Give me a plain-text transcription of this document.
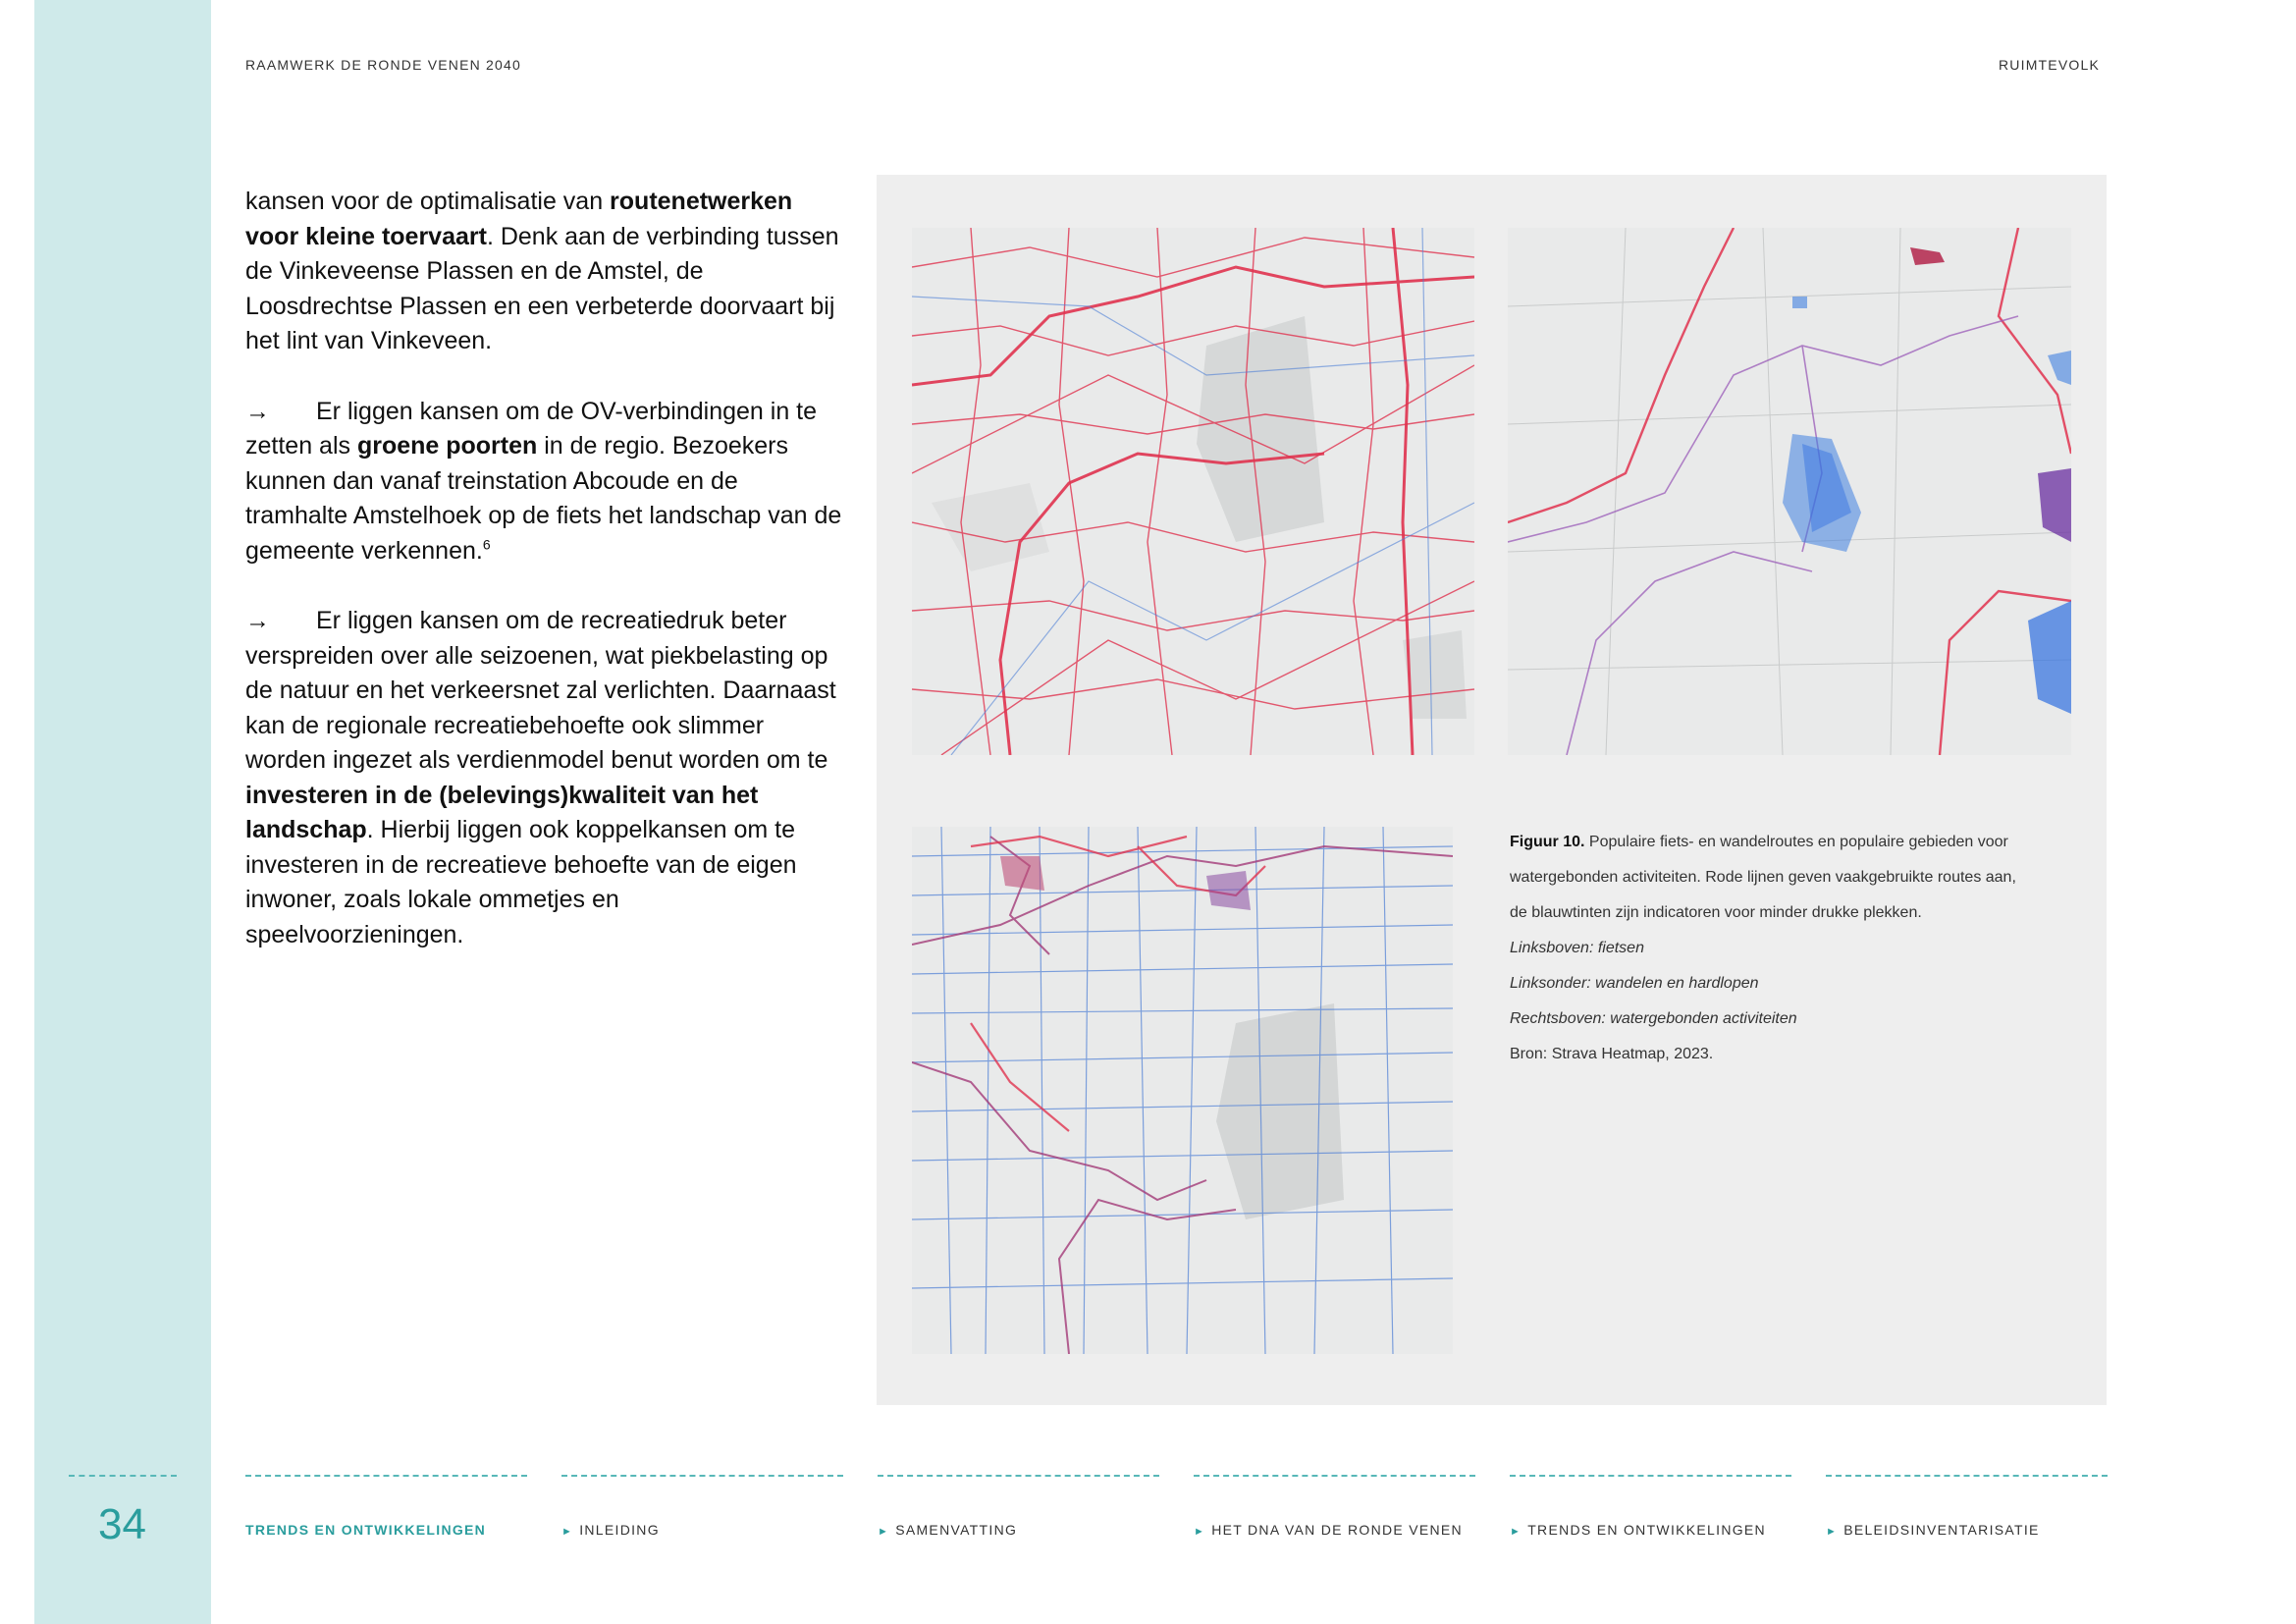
RAAMWERK DE RONDE VENEN 2040	RUIMTEVOLK

kansen voor de optimalisatie van routenetwerken voor kleine toervaart. Denk aan de verbinding tussen de Vinkeveense Plassen en de Amstel, de Loosdrechtse Plassen en een verbeterde doorvaart bij het lint van Vinkeveen.

→ Er liggen kansen om de OV-verbindingen in te zetten als groene poorten in de regio. Bezoekers kunnen dan vanaf treinstation Abcoude en de tramhalte Amstelhoek op de fiets het landschap van de gemeente verkennen.$^6$

→ Er liggen kansen om de recreatiedruk beter verspreiden over alle seizoenen, wat piekbelasting op de natuur en het verkeersnet zal verlichten. Daarnaast kan de regionale recreatiebehoefte ook slimmer worden ingezet als verdienmodel benut worden om te investeren in de (belevings)kwaliteit van het landschap. Hierbij liggen ook koppelkansen om te investeren in de recreatieve behoefte van de eigen inwoner, zoals lokale ommetjes en speelvoorzieningen.

Figuur 10. Populaire fiets- en wandelroutes en populaire gebieden voor
watergebonden activiteiten. Rode lijnen geven vaakgebruikte routes aan,
de blauwtinten zijn indicatoren voor minder drukke plekken.
Linksboven: fietsen
Linksonder: wandelen en hardlopen
Rechtsboven: watergebonden activiteiten
Bron: Strava Heatmap, 2023.
34	TRENDS EN ONTWIKKELINGEN	► INLEIDING	► SAMENVATTING	► HET DNA VAN DE RONDE VENEN	► TRENDS EN ONTWIKKELINGEN	► BELEIDSINVENTARISATIE
